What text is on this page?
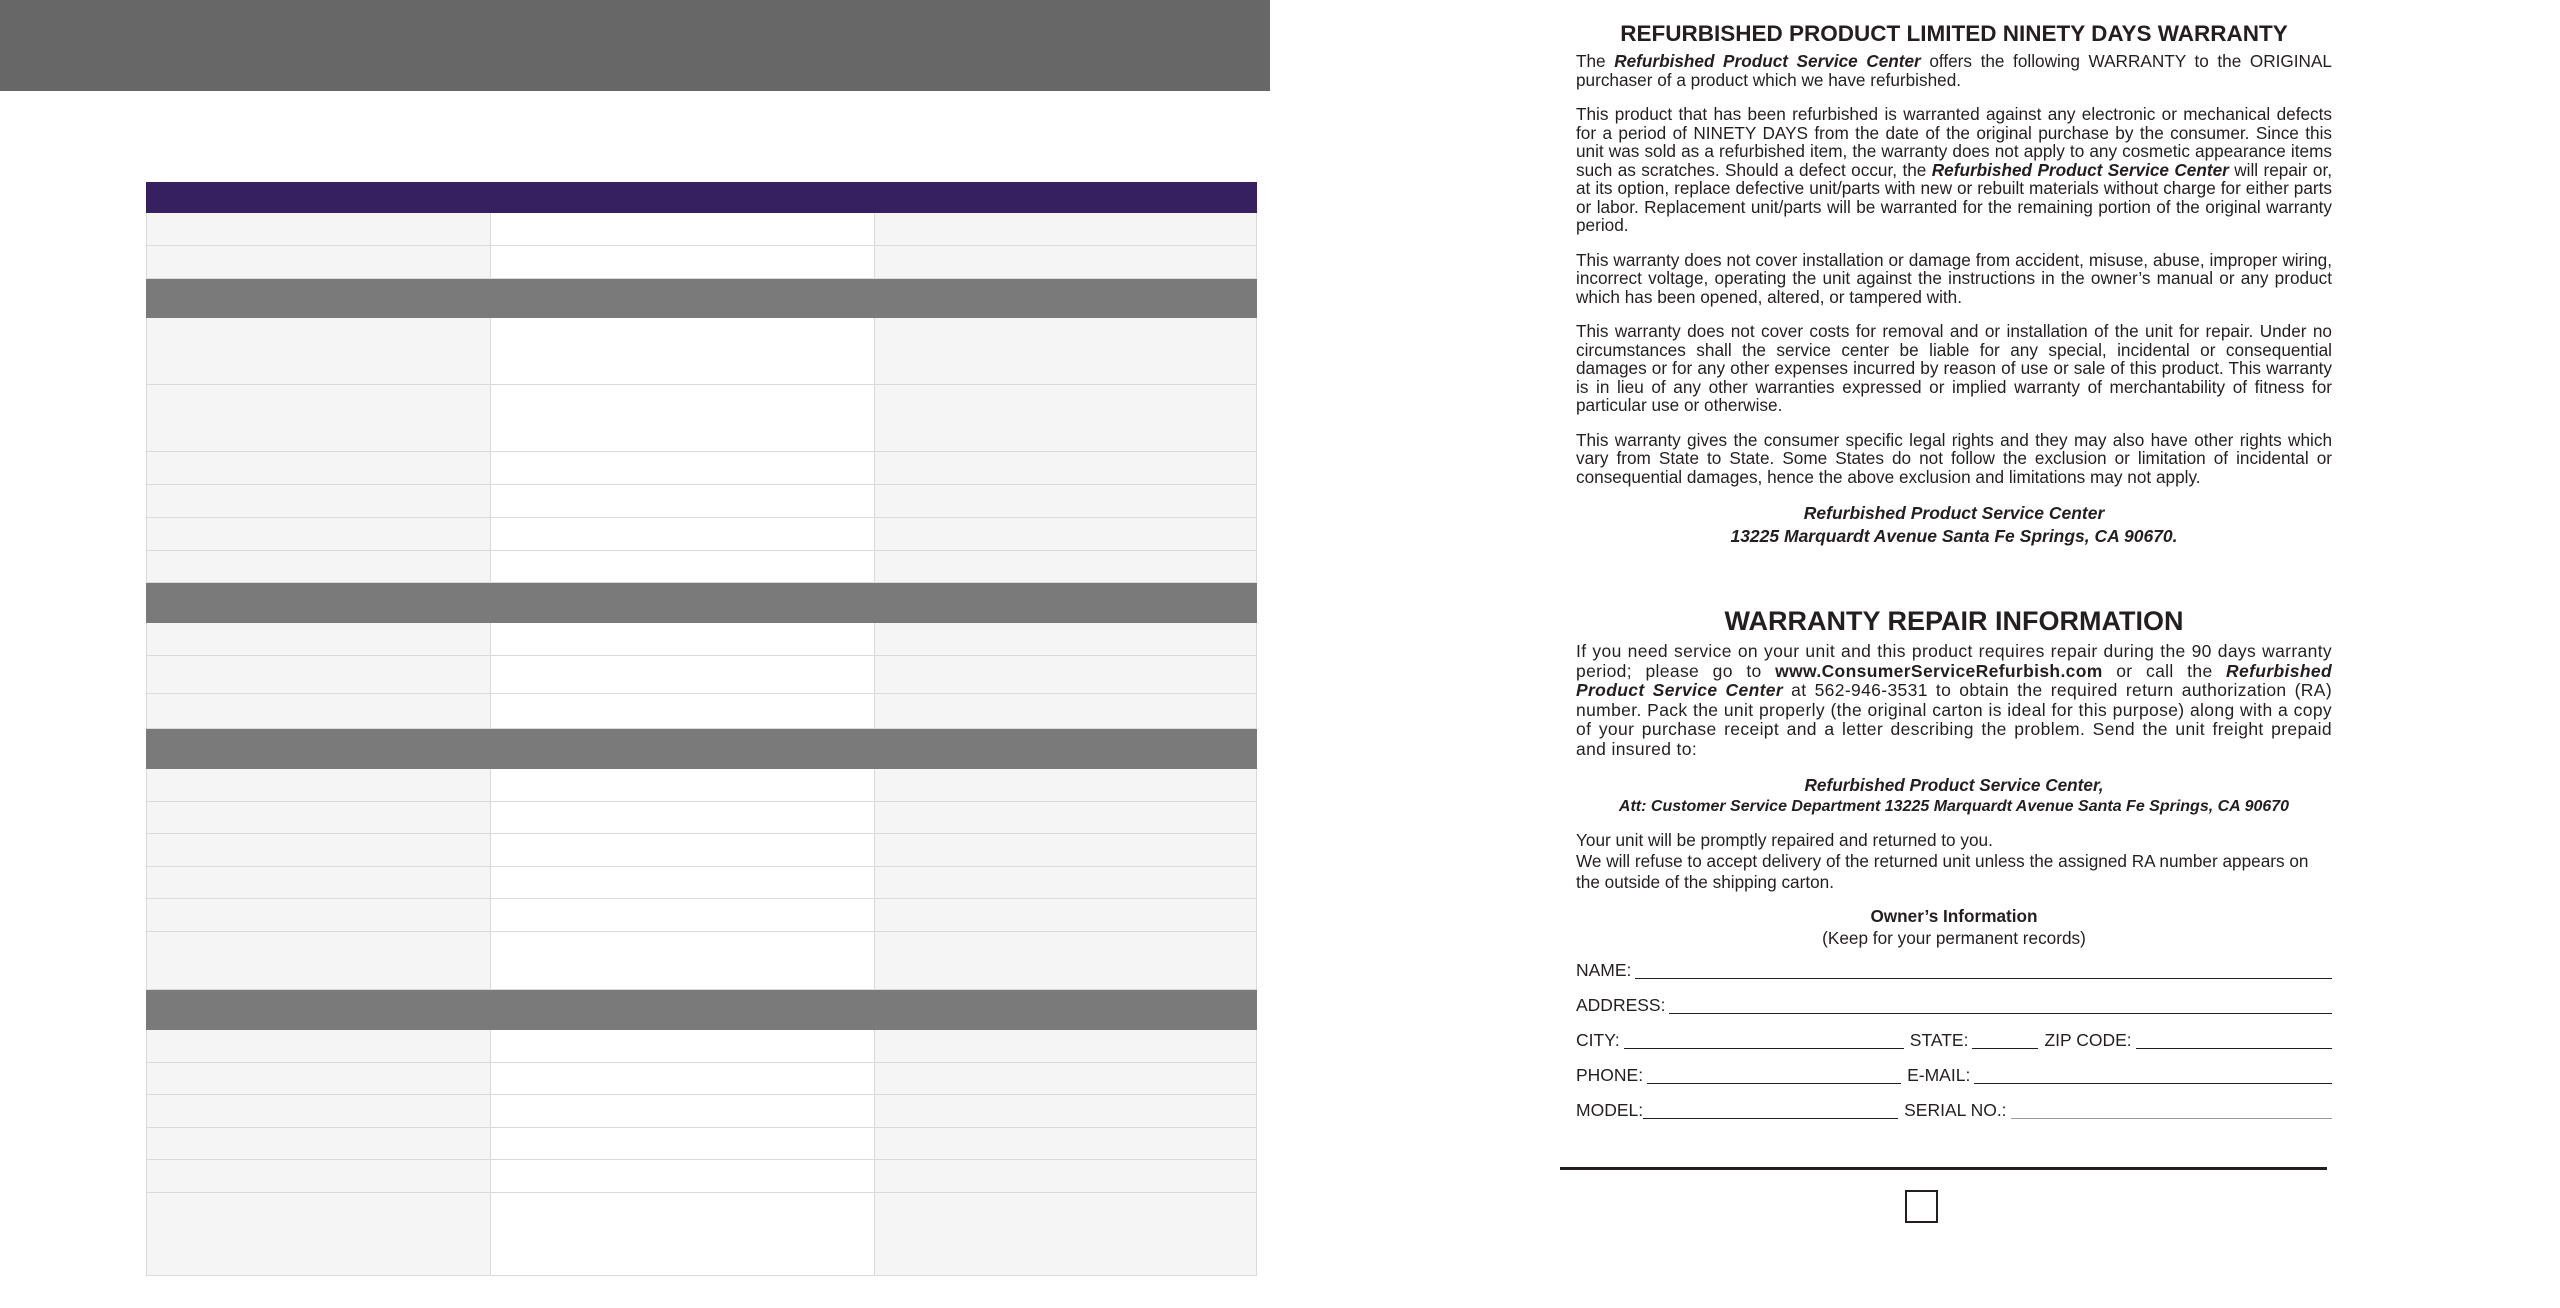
REFURBISHED PRODUCT LIMITED NINETY DAYS WARRANTY

The Refurbished Product Service Center offers the following WARRANTY to the ORIGINAL purchaser of a product which we have refurbished.

This product that has been refurbished is warranted against any electronic or mechanical defects for a period of NINETY DAYS from the date of the original purchase by the consumer. Since this unit was sold as a refurbished item, the warranty does not apply to any cosmetic appearance items such as scratches. Should a defect occur, the Refurbished Product Service Center will repair or, at its option, replace defective unit/parts with new or rebuilt materials without charge for either parts or labor. Replacement unit/parts will be warranted for the remaining portion of the original warranty period.

This warranty does not cover installation or damage from accident, misuse, abuse, improper wiring, incorrect voltage, operating the unit against the instructions in the owner’s manual or any product which has been opened, altered, or tampered with.

This warranty does not cover costs for removal and or installation of the unit for repair. Under no circumstances shall the service center be liable for any special, incidental or consequential damages or for any other expenses incurred by reason of use or sale of this product. This warranty is in lieu of any other warranties expressed or implied warranty of merchantability of fitness for particular use or otherwise.

This warranty gives the consumer specific legal rights and they may also have other rights which vary from State to State. Some States do not follow the exclusion or limitation of incidental or consequential damages, hence the above exclusion and limitations may not apply.

Refurbished Product Service Center
13225 Marquardt Avenue Santa Fe Springs, CA 90670.
WARRANTY REPAIR INFORMATION

If you need service on your unit and this product requires repair during the 90 days warranty period; please go to www.ConsumerServiceRefurbish.com or call the Refurbished Product Service Center at 562-946-3531 to obtain the required return authorization (RA) number. Pack the unit properly (the original carton is ideal for this purpose) along with a copy of your purchase receipt and a letter describing the problem. Send the unit freight prepaid and insured to:

Refurbished Product Service Center,
Att: Customer Service Department 13225 Marquardt Avenue Santa Fe Springs, CA 90670

Your unit will be promptly repaired and returned to you.

We will refuse to accept delivery of the returned unit unless the assigned RA number appears on the outside of the shipping carton.

Owner’s Information
(Keep for your permanent records)
NAME:
ADDRESS:
CITY:	STATE:	ZIP CODE:
PHONE:	E-MAIL:
MODEL:	SERIAL NO.:
